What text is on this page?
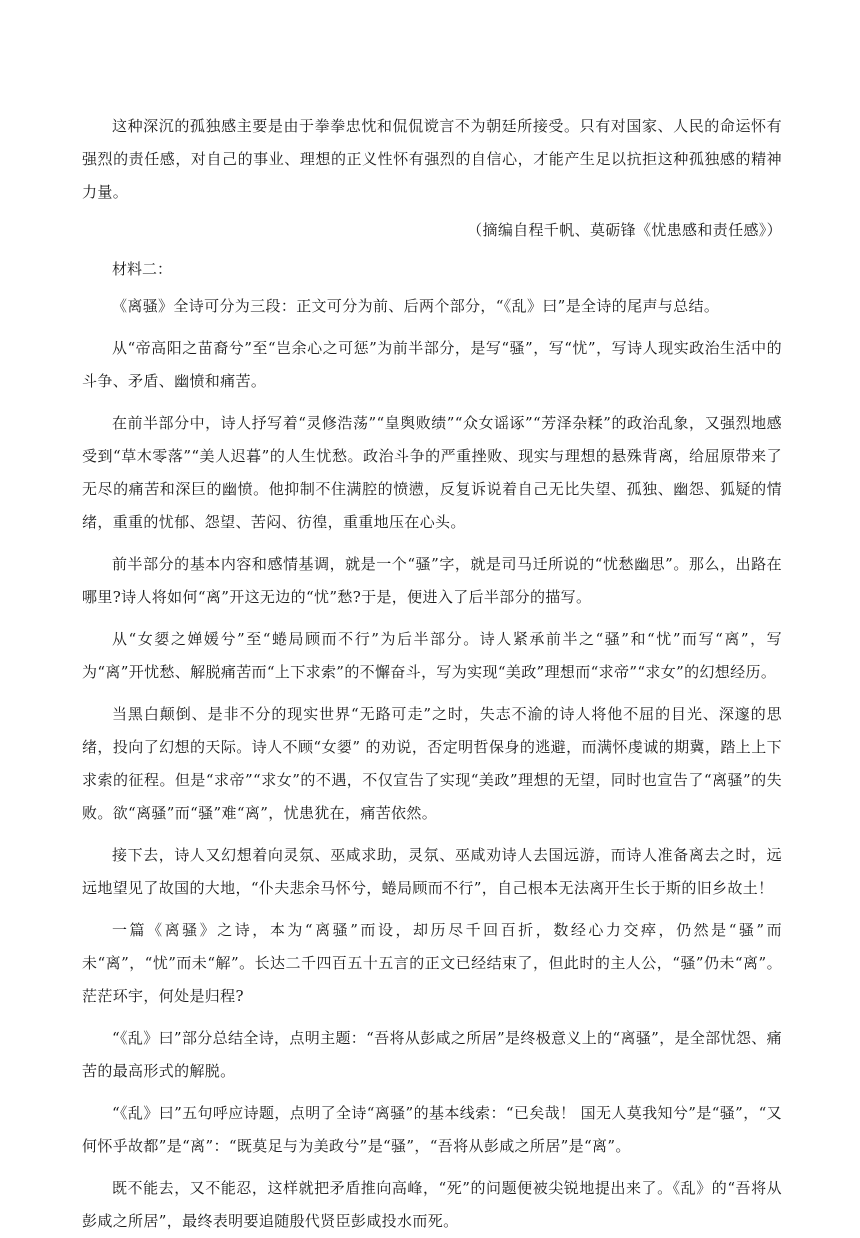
这种深沉的孤独感主要是由于拳拳忠忱和侃侃谠言不为朝廷所接受。只有对国家、人民的命运怀有强烈的责任感，对自己的事业、理想的正义性怀有强烈的自信心，才能产生足以抗拒这种孤独感的精神力量。

（摘编自程千帆、莫砺锋《忧患感和责任感》）

材料二：

《离骚》全诗可分为三段：正文可分为前、后两个部分，“《乱》曰”是全诗的尾声与总结。

从“帝高阳之苗裔兮”至“岂余心之可惩”为前半部分，是写“骚”，写“忧”，写诗人现实政治生活中的斗争、矛盾、幽愤和痛苦。

在前半部分中，诗人抒写着“灵修浩荡”“皇舆败绩”“众女谣诼”“芳泽杂糅”的政治乱象，又强烈地感受到“草木零落”“美人迟暮”的人生忧愁。政治斗争的严重挫败、现实与理想的悬殊背离，给屈原带来了无尽的痛苦和深巨的幽愤。他抑制不住满腔的愤懑，反复诉说着自己无比失望、孤独、幽怨、狐疑的情绪，重重的忧郁、怨望、苦闷、彷徨，重重地压在心头。

前半部分的基本内容和感情基调，就是一个“骚”字，就是司马迁所说的“忧愁幽思”。那么，出路在哪里?诗人将如何“离”开这无边的“忧”愁?于是，便进入了后半部分的描写。

从“女媭之婵媛兮”至“蜷局顾而不行”为后半部分。诗人紧承前半之“骚”和“忧”而写“离”，写为“离”开忧愁、解脱痛苦而“上下求索”的不懈奋斗，写为实现“美政”理想而“求帝”“求女”的幻想经历。

当黑白颠倒、是非不分的现实世界“无路可走”之时，失志不渝的诗人将他不屈的目光、深邃的思绪，投向了幻想的天际。诗人不顾“女媭” 的劝说，否定明哲保身的逃避，而满怀虔诚的期冀，踏上上下求索的征程。但是“求帝”“求女”的不遇，不仅宣告了实现“美政”理想的无望，同时也宣告了“离骚”的失败。欲“离骚”而“骚”难“离”，忧患犹在，痛苦依然。

接下去，诗人又幻想着向灵氛、巫咸求助，灵氛、巫咸劝诗人去国远游，而诗人准备离去之时，远远地望见了故国的大地，“仆夫悲余马怀兮，蜷局顾而不行”，自己根本无法离开生长于斯的旧乡故土！

一篇《离骚》之诗，本为“离骚”而设，却历尽千回百折，数经心力交瘁，仍然是“骚”而未“离”，“忧”而未“解”。长达二千四百五十五言的正文已经结束了，但此时的主人公，“骚”仍未“离”。茫茫环宇，何处是归程?

“《乱》曰”部分总结全诗，点明主题：“吾将从彭咸之所居”是终极意义上的“离骚”，是全部忧怨、痛苦的最高形式的解脱。

“《乱》曰”五句呼应诗题，点明了全诗“离骚”的基本线索：“已矣哉！ 国无人莫我知兮”是“骚”，“又何怀乎故都”是“离”：“既莫足与为美政兮”是“骚”，“吾将从彭咸之所居”是“离”。

既不能去，又不能忍，这样就把矛盾推向高峰，“死”的问题便被尖锐地提出来了。《乱》的“吾将从彭咸之所居”，最终表明要追随殷代贤臣彭咸投水而死。
